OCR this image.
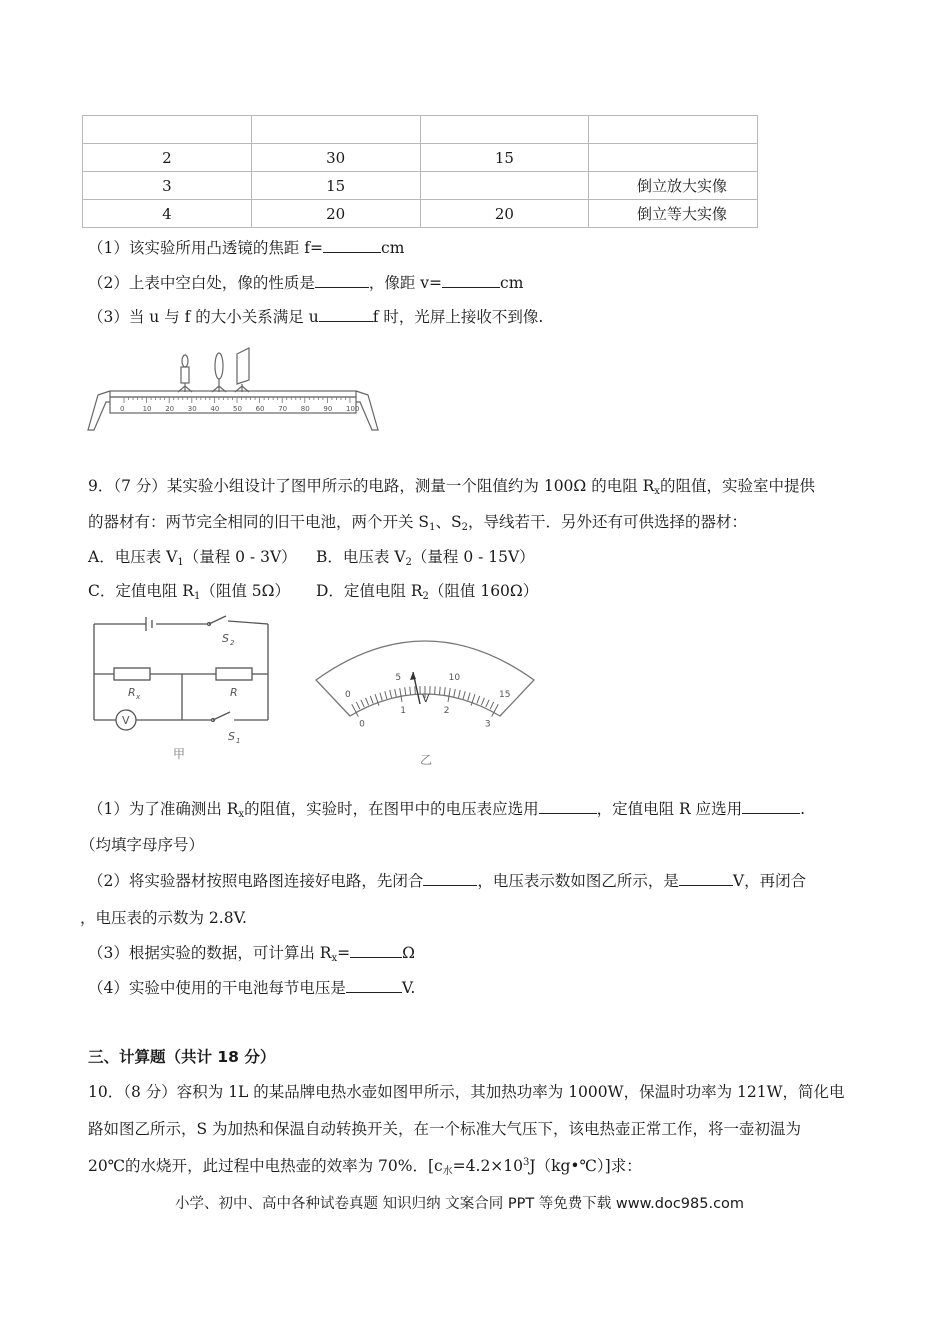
2	30	15	
3	15		倒立放大实像
4	20	20	倒立等大实像
（1）该实验所用凸透镜的焦距 f=	cm
（2）上表中空白处，像的性质是	，像距 v=	cm
（3）当 u 与 f 的大小关系满足 u	f 时，光屏上接收不到像.
0	10 20 30 40 50 60 70 80 90 100
9．（7 分）某实验小组设计了图甲所示的电路，测量一个阻值约为 100Ω 的电阻 $R_x$的阻值，实验室中提供
的器材有：两节完全相同的旧干电池，两个开关 $S_1$、$S_2$，导线若干．另外还有可供选择的器材：
A．电压表 $V_1$（量程 0 - 3V） B．电压表 $V_2$（量程 0 - 15V）
C．定值电阻 $R_1$（阻值 5Ω） D．定值电阻 $R_2$（阻值 160Ω）
S 2
R x	R
V
S 1
甲
0
5	10
15
0
1	2
3
V
乙
（1）为了准确测出 $R_x$的阻值，实验时，在图甲中的电压表应选用	，定值电阻 R 应选用	.
（均填字母序号）
（2）将实验器材按照电路图连接好电路，先闭合	，电压表示数如图乙所示，是	V，再闭合
，电压表的示数为 2.8V.
（3）根据实验的数据，可计算出 $R_x=$	Ω
（4）实验中使用的干电池每节电压是	V.
三、计算题（共计 18 分）
10．（8 分）容积为 1L 的某品牌电热水壶如图甲所示，其加热功率为 1000W，保温时功率为 121W，简化电
路如图乙所示，S 为加热和保温自动转换开关，在一个标准大气压下，该电热壶正常工作，将一壶初温为
20℃的水烧开，此过程中电热壶的效率为 70%．$[c_水=4.2\times 10^3J(kg•℃)]$求：
小学、初中、高中各种试卷真题 知识归纳 文案合同 PPT 等免费下载 www.doc985.com
